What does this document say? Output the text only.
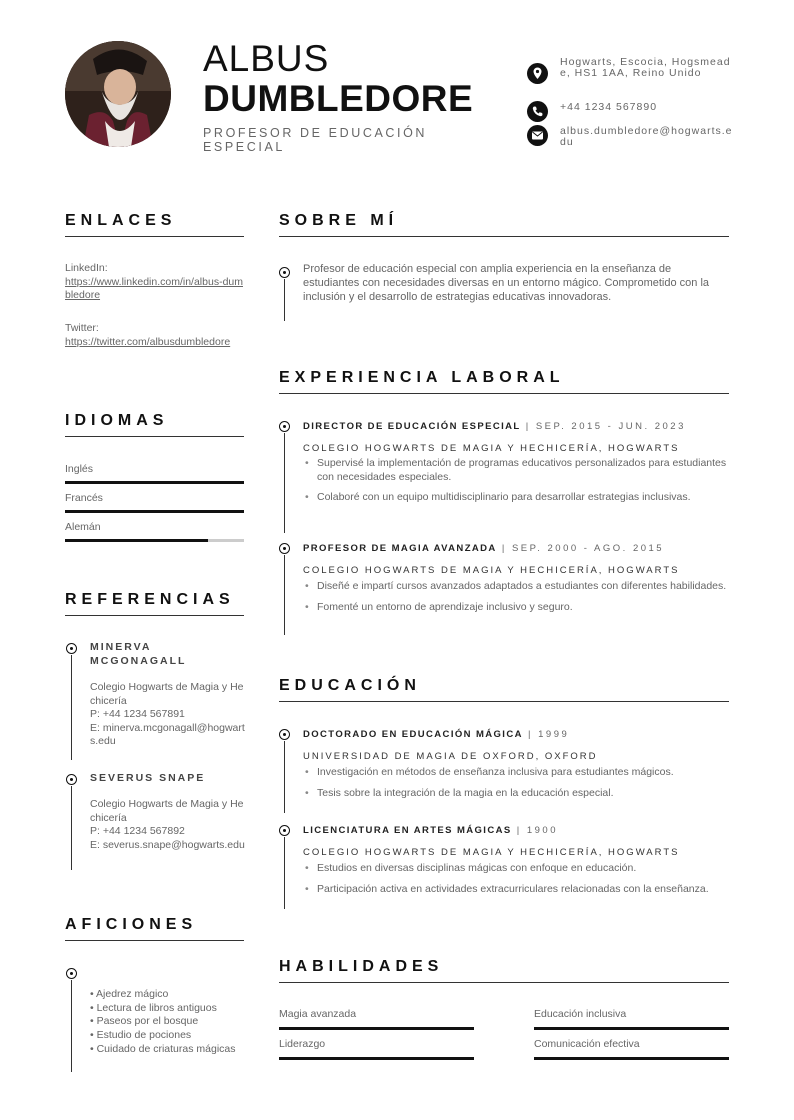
ALBUS
DUMBLEDORE
PROFESOR DE EDUCACIÓN ESPECIAL
Hogwarts, Escocia, Hogsmeade, HS1 1AA, Reino Unido
+44 1234 567890
albus.dumbledore@hogwarts.edu
ENLACES
LinkedIn:
https://www.linkedin.com/in/albus-dumbledore
Twitter:
https://twitter.com/albusdumbledore
IDIOMAS
Inglés
Francés
Alemán
REFERENCIAS
MINERVA MCGONAGALL
Colegio Hogwarts de Magia y Hechicería
P: +44 1234 567891
E: minerva.mcgonagall@hogwarts.edu
SEVERUS SNAPE
Colegio Hogwarts de Magia y Hechicería
P: +44 1234 567892
E: severus.snape@hogwarts.edu
AFICIONES
• Ajedrez mágico
• Lectura de libros antiguos
• Paseos por el bosque
• Estudio de pociones
• Cuidado de criaturas mágicas
SOBRE MÍ
Profesor de educación especial con amplia experiencia en la enseñanza de estudiantes con necesidades diversas en un entorno mágico. Comprometido con la inclusión y el desarrollo de estrategias educativas innovadoras.
EXPERIENCIA LABORAL
DIRECTOR DE EDUCACIÓN ESPECIAL | SEP. 2015 - JUN. 2023
COLEGIO HOGWARTS DE MAGIA Y HECHICERÍA, HOGWARTS
• Supervisé la implementación de programas educativos personalizados para estudiantes con necesidades especiales.
• Colaboré con un equipo multidisciplinario para desarrollar estrategias inclusivas.
PROFESOR DE MAGIA AVANZADA | SEP. 2000 - AGO. 2015
COLEGIO HOGWARTS DE MAGIA Y HECHICERÍA, HOGWARTS
• Diseñé e impartí cursos avanzados adaptados a estudiantes con diferentes habilidades.
• Fomenté un entorno de aprendizaje inclusivo y seguro.
EDUCACIÓN
DOCTORADO EN EDUCACIÓN MÁGICA | 1999
UNIVERSIDAD DE MAGIA DE OXFORD, OXFORD
• Investigación en métodos de enseñanza inclusiva para estudiantes mágicos.
• Tesis sobre la integración de la magia en la educación especial.
LICENCIATURA EN ARTES MÁGICAS | 1900
COLEGIO HOGWARTS DE MAGIA Y HECHICERÍA, HOGWARTS
• Estudios en diversas disciplinas mágicas con enfoque en educación.
• Participación activa en actividades extracurriculares relacionadas con la enseñanza.
HABILIDADES
Magia avanzada	Educación inclusiva
Liderazgo	Comunicación efectiva
